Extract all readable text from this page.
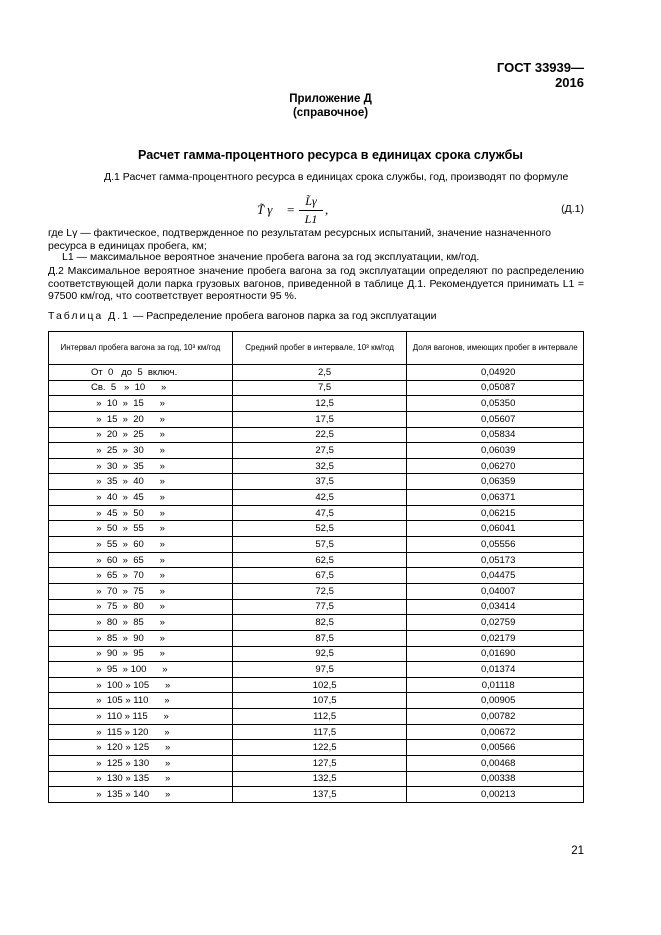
ГОСТ 33939—2016
Приложение Д
(справочное)
Расчет гамма-процентного ресурса в единицах срока службы
Д.1 Расчет гамма-процентного ресурса в единицах срока службы, год, производят по формуле
T̃ γ =
L̃γ
L1
,	(Д.1)
где Lγ — фактическое, подтвержденное по результатам ресурсных испытаний, значение назначенного ресурса в единицах пробега, км;
L1 — максимальное вероятное значение пробега вагона за год эксплуатации, км/год.
Д.2 Максимальное вероятное значение пробега вагона за год эксплуатации определяют по распределению соответствующей доли парка грузовых вагонов, приведенной в таблице Д.1. Рекомендуется принимать L1 = 97500 км/год, что соответствует вероятности 95 %.
Таблица Д.1 — Распределение пробега вагонов парка за год эксплуатации
Интервал пробега вагона за год, 10³ км/год	Средний пробег в интервале, 10³ км/год	Доля вагонов, имеющих пробег в интервале
От  0   до  5  включ.	2,5	0,04920
Св.  5   »  10      »	7,5	0,05087
»  10  »  15      »	12,5	0,05350
»  15  »  20      »	17,5	0,05607
»  20  »  25      »	22,5	0,05834
»  25  »  30      »	27,5	0,06039
»  30  »  35      »	32,5	0,06270
»  35  »  40      »	37,5	0,06359
»  40  »  45      »	42,5	0,06371
»  45  »  50      »	47,5	0,06215
»  50  »  55      »	52,5	0,06041
»  55  »  60      »	57,5	0,05556
»  60  »  65      »	62,5	0,05173
»  65  »  70      »	67,5	0,04475
»  70  »  75      »	72,5	0,04007
»  75  »  80      »	77,5	0,03414
»  80  »  85      »	82,5	0,02759
»  85  »  90      »	87,5	0,02179
»  90  »  95      »	92,5	0,01690
»  95  » 100      »	97,5	0,01374
»  100 » 105      »	102,5	0,01118
»  105 » 110      »	107,5	0,00905
»  110 » 115      »	112,5	0,00782
»  115 » 120      »	117,5	0,00672
»  120 » 125      »	122,5	0,00566
»  125 » 130      »	127,5	0,00468
»  130 » 135      »	132,5	0,00338
»  135 » 140      »	137,5	0,00213
21
